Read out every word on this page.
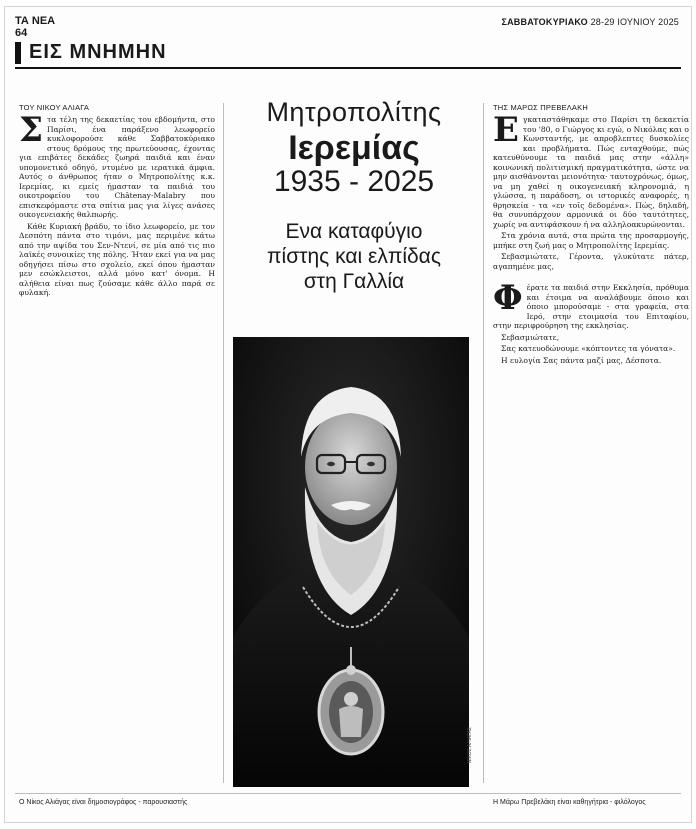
ΤΑ ΝΕΑ
64
ΣΑΒΒΑΤΟΚΥΡΙΑΚΟ 28-29 ΙΟΥΝΙΟΥ 2025
ΕΙΣ ΜΝΗΜΗΝ
ΤΟΥ ΝΙΚΟΥ ΑΛΙΑΓΑ

Στα τέλη της δεκαετίας του εβδομήντα, στο Παρίσι, ένα παράξενο λεωφορείο κυκλοφορούσε κάθε Σαββατοκύριακο στους δρόμους της πρωτεύουσας, έχοντας για επιβάτες δεκάδες ζωηρά παιδιά και έναν υπομονετικό οδηγό, ντυμένο με ιερατικά άμφια. Αυτός ο άνθρωπος ήταν ο Μητροπολίτης κ.κ. Ιερεμίας, κι εμείς ήμασταν τα παιδιά του οικοτροφείου του Châtenay-Malabry που επισκεφόμαστε στα σπίτια μας για λίγες ανάσες οικογενειακής θαλπωρής.

Κάθε Κυριακή βράδυ, το ίδιο λεωφορείο, με τον Δεσπότη πάντα στο τιμόνι, μας περιμένε κάτω από την αψίδα του Σεν-Ντενί, σε μία από τις πιο λαϊκές συνοικίες της πόλης. Ήταν εκεί για να μας οδηγήσει πίσω στο σχολείο, εκεί όπου ήμασταν μεν εσώκλειστοι, αλλά μόνο κατ' όνομα. Η αλήθεια είναι πως ζούσαμε κάθε άλλο παρά σε φυλακή.

Μητροπολίτης
Ιερεμίας
1935 - 2025
Ενα καταφύγιο
πίστης και ελπίδας
στη Γαλλία
ΝΙΚΟΣ ΑΛΙΑΓΑΣ
ΤΗΣ ΜΑΡΩΣ ΠΡΕΒΕΛΑΚΗ

Εγκαταστάθηκαμε στο Παρίσι τη δεκαετία του '80, ο Γιώργος κι εγώ, ο Νικόλας και ο Κωνσταντής, με απροβλεπτες δυσκολίες και προβλήματα. Πώς ενταχθούμε, πώς κατευθύνουμε τα παιδιά μας στην «άλλη» κοινωνική πολιτισμική πραγματικότητα, ώστε να μην αισθάνονται μειονότητα· ταυτοχρόνως, όμως, να μη χαθεί η οικογενειακή κληρονομιά, η γλώσσα, η παράδοση, οι ιστορικές αναφορές, η θρησκεία - τα «εν τοῖς δεδομένα». Πώς, δηλαδή, θα συνυπάρχουν αρμονικά οι δύο ταυτότητες, χωρίς να αντιφάσκουν ή να αλληλοακυρώνονται.

Στα χρόνια αυτά, στα πρώτα της προσαρμογής, μπήκε στη ζωή μας ο Μητροπολίτης Ιερεμίας.

Σεβασμιώτατε, Γέροντα, γλυκύτατε πάτερ, αγαπημένε μας,

Φέρατε τα παιδιά στην Εκκλησία, πρόθυμα και έτοιμα να αναλάβουμε όποιο και όποιο μπορούσαμε - στα γραφεία, στα Ιερό, στην ετοιμασία του Επιταφίου, στην περιφρούρηση της εκκλησίας.

Σεβασμιώτατε,

Σας κατευοδώνουμε «κόπτοντες τα γόνατα».

Η ευλογία Σας πάντα μαζί μας, Δέσποτα.

Ο Νίκος Αλιάγας είναι δημοσιογράφος - παρουσιαστής	Η Μάρω Πρεβελάκη είναι καθηγήτρια - φιλόλογος
